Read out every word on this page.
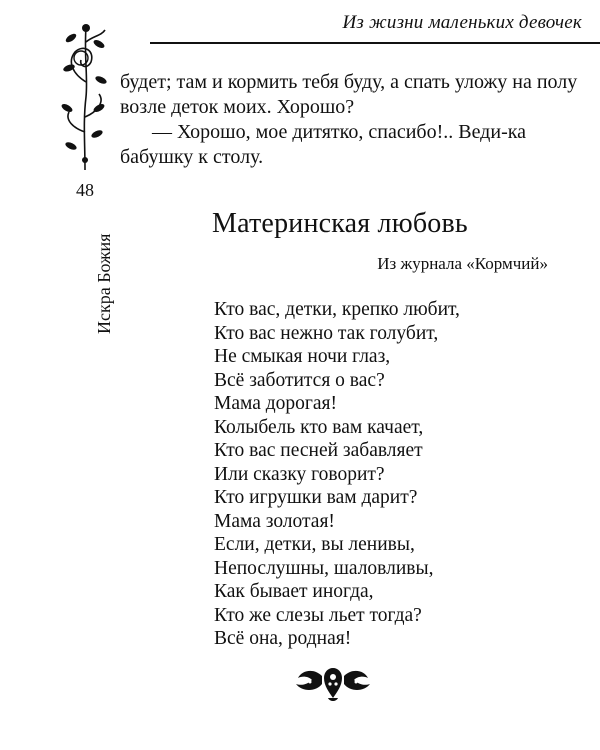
Из жизни маленьких девочек

будет; там и кормить тебя буду, а спать уложу на полу возле деток моих. Хорошо?

— Хорошо, мое дитятко, спасибо!.. Веди-ка бабушку к столу.

48
Искра Божия
Материнская любовь
Из журнала «Кормчий»
Кто вас, детки, крепко любит,
Кто вас нежно так голубит,
Не смыкая ночи глаз,
Всё заботится о вас?
Мама дорогая!
Колыбель кто вам качает,
Кто вас песней забавляет
Или сказку говорит?
Кто игрушки вам дарит?
Мама золотая!
Если, детки, вы ленивы,
Непослушны, шаловливы,
Как бывает иногда,
Кто же слезы льет тогда?
Всё она, родная!
